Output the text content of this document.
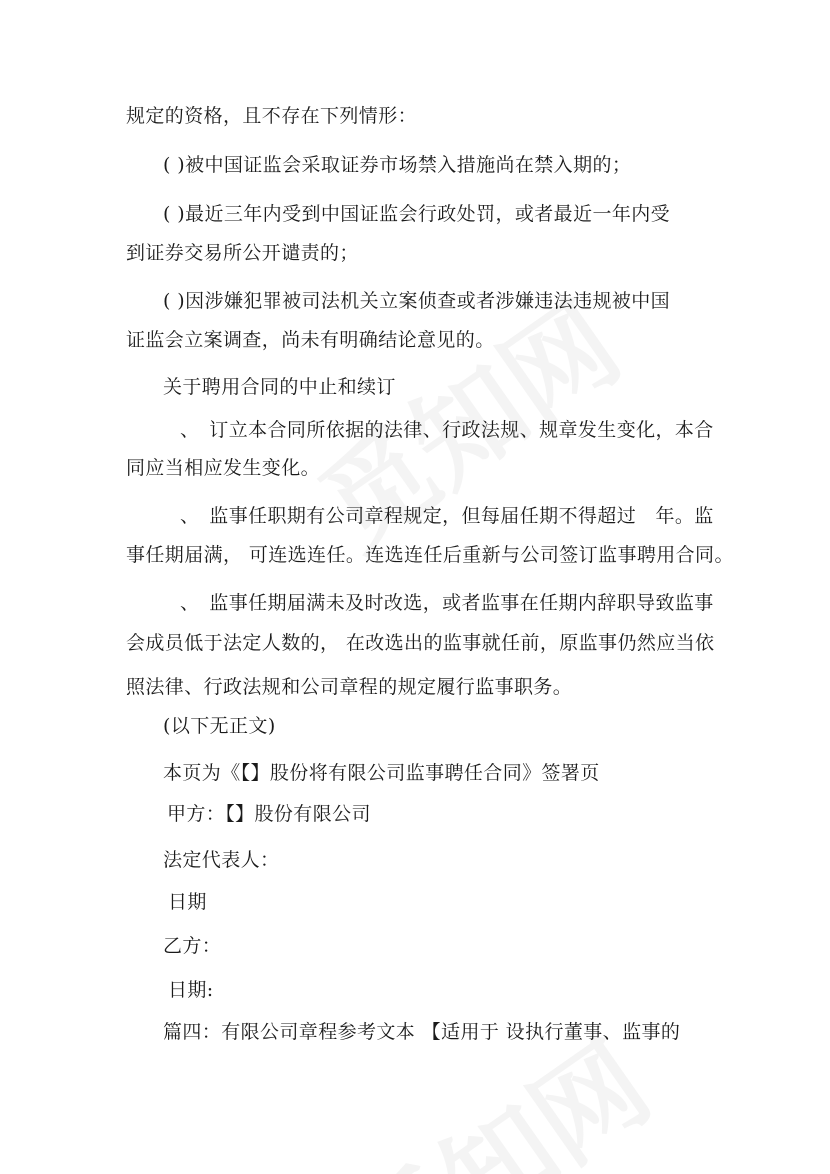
规定的资格，且不存在下列情形：
( )被中国证监会采取证券市场禁入措施尚在禁入期的；
( )最近三年内受到中国证监会行政处罚，或者最近一年内受
到证券交易所公开谴责的；
( )因涉嫌犯罪被司法机关立案侦查或者涉嫌违法违规被中国
证监会立案调查，尚未有明确结论意见的。
关于聘用合同的中止和续订
、　订立本合同所依据的法律、行政法规、规章发生变化，本合
同应当相应发生变化。
、　监事任职期有公司章程规定，但每届任期不得超过　年。监
事任期届满， 可连选连任。连选连任后重新与公司签订监事聘用合同。
、　监事任期届满未及时改选，或者监事在任期内辞职导致监事
会成员低于法定人数的， 在改选出的监事就任前，原监事仍然应当依
照法律、行政法规和公司章程的规定履行监事职务。
(以下无正文)
本页为《【】股份将有限公司监事聘任合同》签署页
甲方：【】股份有限公司
法定代表人：
日期
乙方：
日期:
篇四：有限公司章程参考文本 【适用于 设执行董事、监事的
